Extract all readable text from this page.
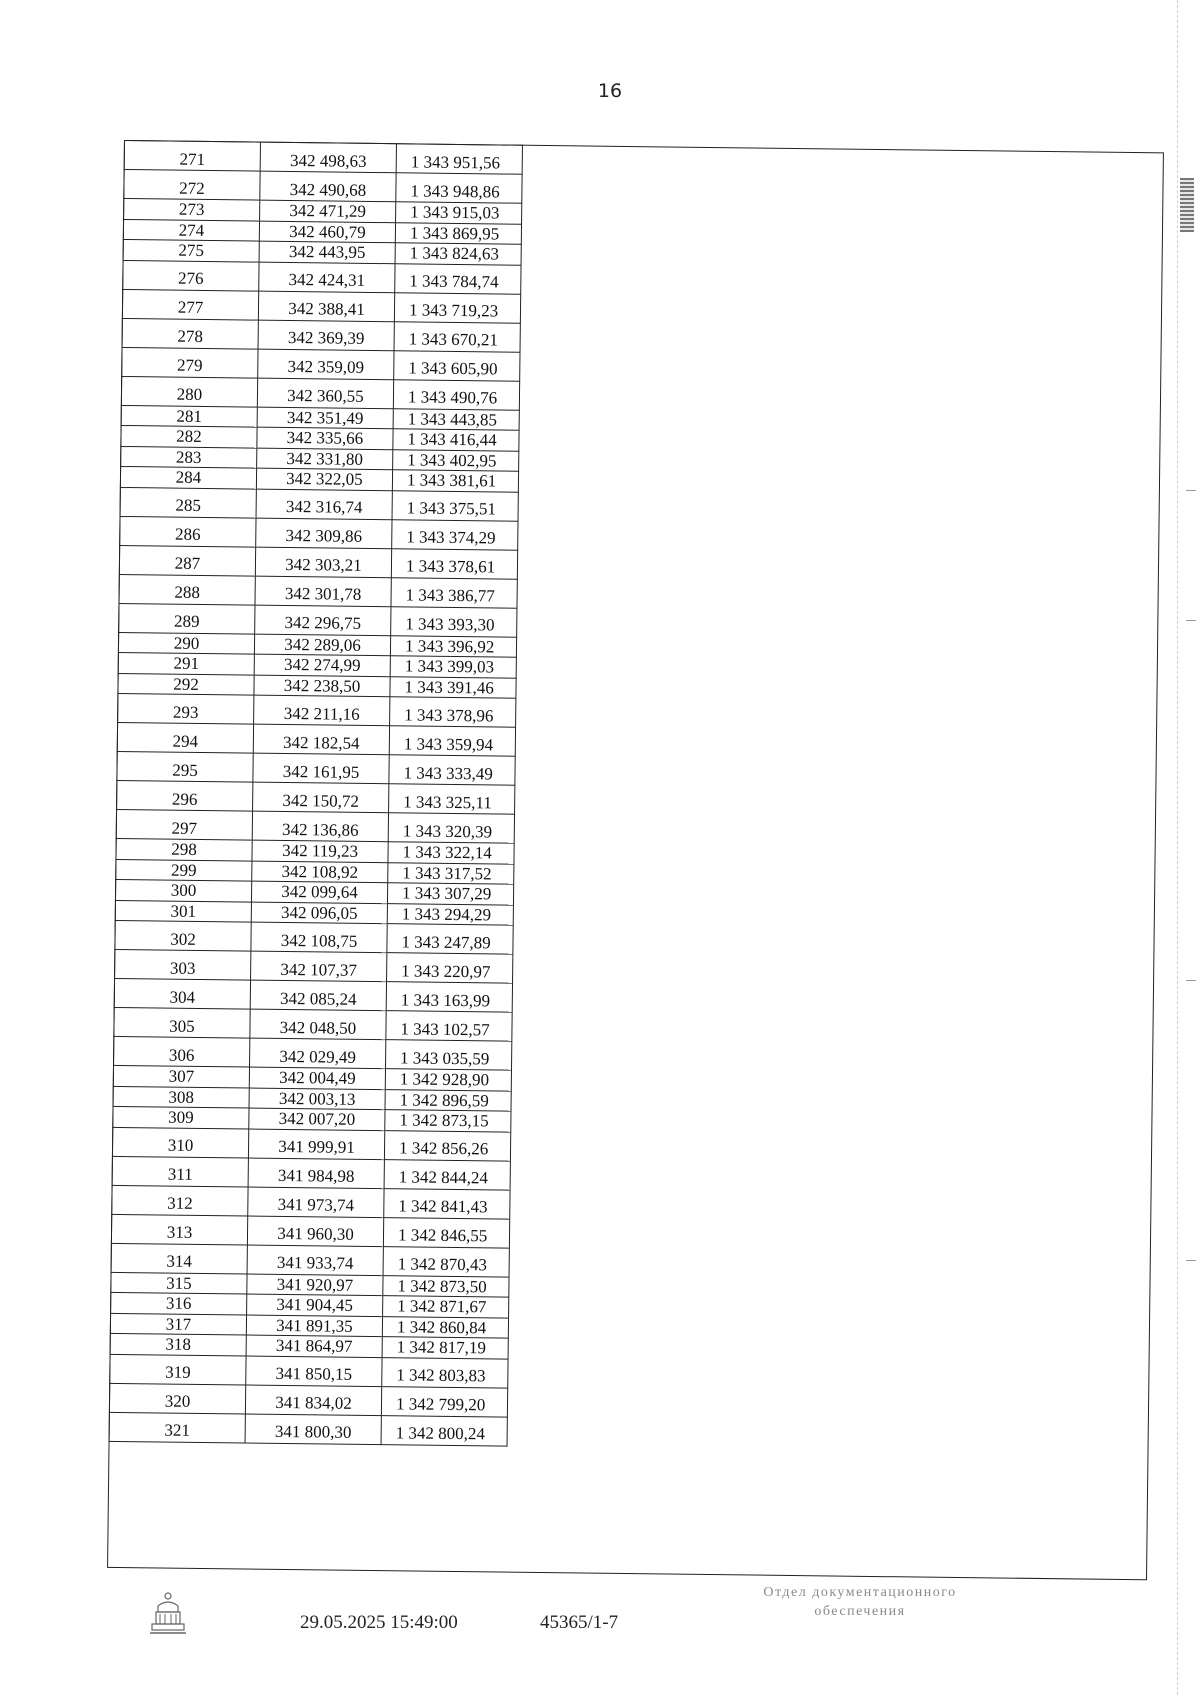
16
271	342 498,63	1 343 951,56
272	342 490,68	1 343 948,86
273	342 471,29	1 343 915,03
274	342 460,79	1 343 869,95
275	342 443,95	1 343 824,63
276	342 424,31	1 343 784,74
277	342 388,41	1 343 719,23
278	342 369,39	1 343 670,21
279	342 359,09	1 343 605,90
280	342 360,55	1 343 490,76
281	342 351,49	1 343 443,85
282	342 335,66	1 343 416,44
283	342 331,80	1 343 402,95
284	342 322,05	1 343 381,61
285	342 316,74	1 343 375,51
286	342 309,86	1 343 374,29
287	342 303,21	1 343 378,61
288	342 301,78	1 343 386,77
289	342 296,75	1 343 393,30
290	342 289,06	1 343 396,92
291	342 274,99	1 343 399,03
292	342 238,50	1 343 391,46
293	342 211,16	1 343 378,96
294	342 182,54	1 343 359,94
295	342 161,95	1 343 333,49
296	342 150,72	1 343 325,11
297	342 136,86	1 343 320,39
298	342 119,23	1 343 322,14
299	342 108,92	1 343 317,52
300	342 099,64	1 343 307,29
301	342 096,05	1 343 294,29
302	342 108,75	1 343 247,89
303	342 107,37	1 343 220,97
304	342 085,24	1 343 163,99
305	342 048,50	1 343 102,57
306	342 029,49	1 343 035,59
307	342 004,49	1 342 928,90
308	342 003,13	1 342 896,59
309	342 007,20	1 342 873,15
310	341 999,91	1 342 856,26
311	341 984,98	1 342 844,24
312	341 973,74	1 342 841,43
313	341 960,30	1 342 846,55
314	341 933,74	1 342 870,43
315	341 920,97	1 342 873,50
316	341 904,45	1 342 871,67
317	341 891,35	1 342 860,84
318	341 864,97	1 342 817,19
319	341 850,15	1 342 803,83
320	341 834,02	1 342 799,20
321	341 800,30	1 342 800,24
29.05.2025 15:49:00	45365/1-7
Отдел документационного
обеспечения
